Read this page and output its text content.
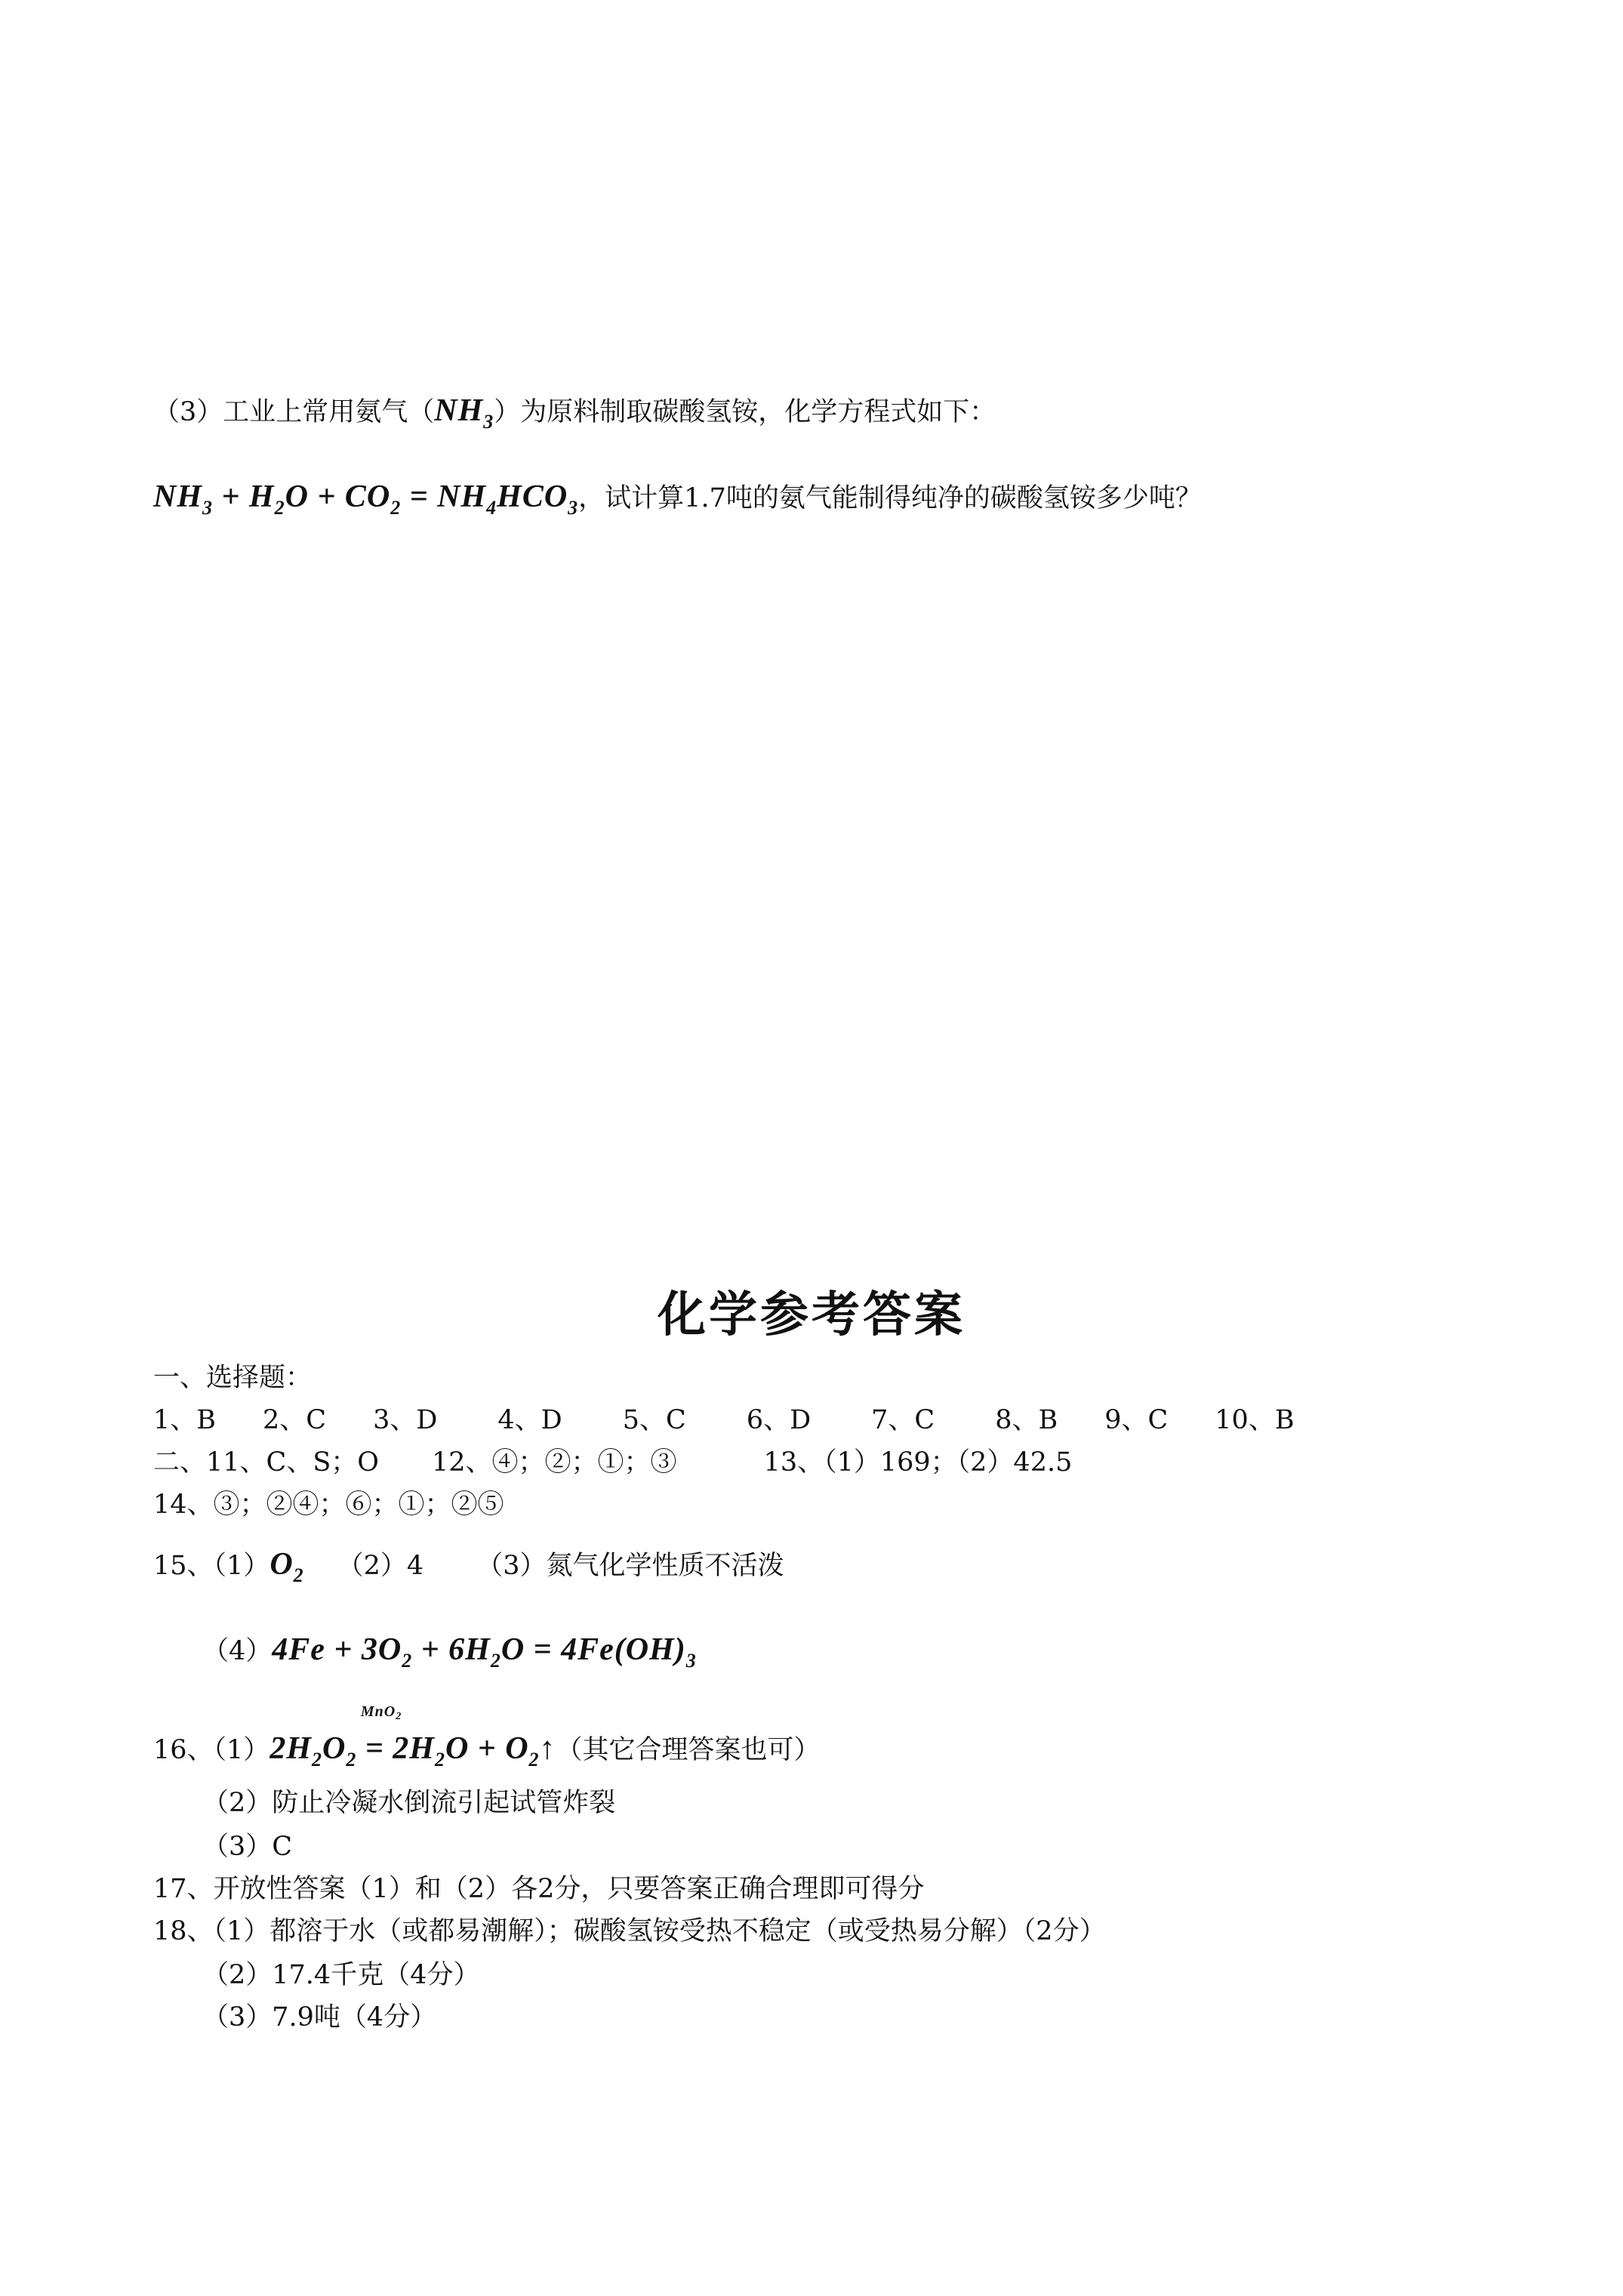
（3）工业上常用氨气$(NH_3)$为原料制取碳酸氢铵，化学方程式如下：
$NH_3 + H_2O + CO_2 = NH_4HCO_3$，试计算1.7吨的氨气能制得纯净的碳酸氢铵多少吨？
化学参考答案
一、选择题：
1、B 2、C 3、D 4、D 5、C 6、D 7、C 8、B 9、C 10、B
二、11、C、S；O 12、④；②；①；③	13、（1）169；（2）42.5
14、③；②④；⑥；①；②⑤
15、$(1)O_2$ （2）4 （3）氮气化学性质不活泼
$(4)4Fe + 3O_2 + 6H_2O = 4Fe(OH)_3$
16、$(1)2H_2O_2$
MnO$_2$
= $2H_2O$ + $O_2↑$（其它合理答案也可）
（2）防止冷凝水倒流引起试管炸裂
（3）C
17、开放性答案（1）和（2）各2分，只要答案正确合理即可得分
18、（1）都溶于水（或都易潮解）；碳酸氢铵受热不稳定（或受热易分解）（2分）
（2）17.4千克（4分）
（3）7.9吨（4分）
